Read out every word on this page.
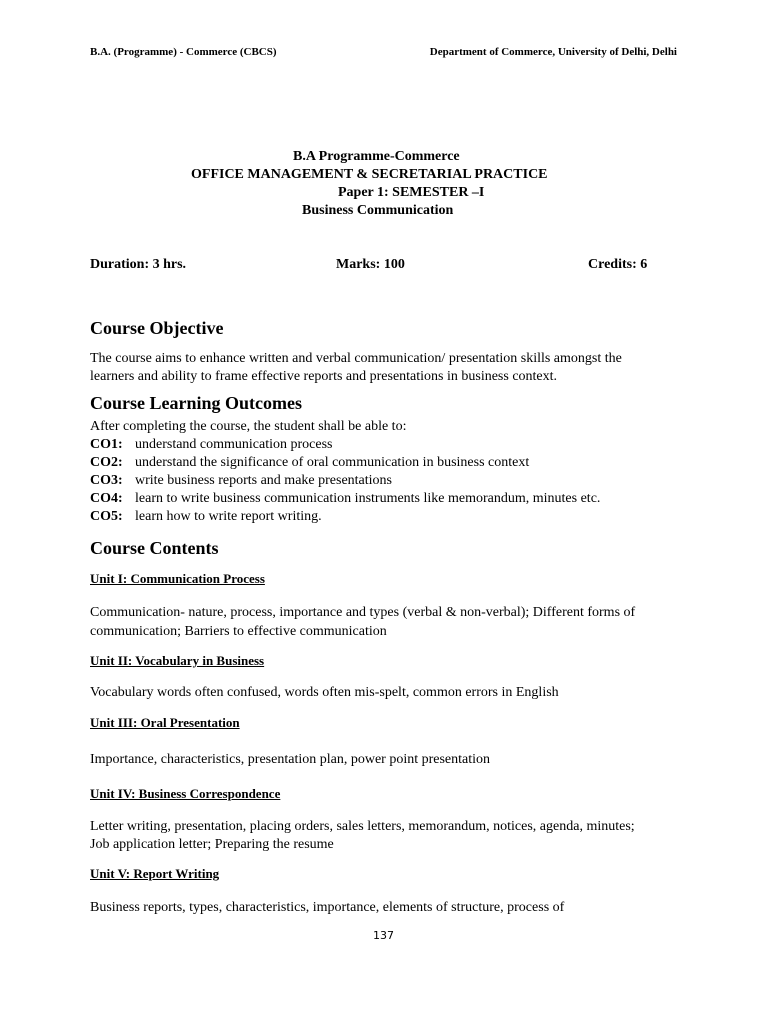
B.A. (Programme) - Commerce (CBCS)	Department of Commerce, University of Delhi, Delhi
B.A Programme-Commerce
OFFICE MANAGEMENT & SECRETARIAL PRACTICE
Paper 1: SEMESTER –I
Business Communication
Duration: 3 hrs.	Marks: 100	Credits: 6
Course Objective
The course aims to enhance written and verbal communication/ presentation skills amongst the
learners and ability to frame effective reports and presentations in business context.
Course Learning Outcomes
After completing the course, the student shall be able to:
CO1: understand communication process
CO2: understand the significance of oral communication in business context
CO3: write business reports and make presentations
CO4: learn to write business communication instruments like memorandum, minutes etc.
CO5: learn how to write report writing.
Course Contents
Unit I: Communication Process
Communication- nature, process, importance and types (verbal & non-verbal); Different forms of
communication; Barriers to effective communication
Unit II: Vocabulary in Business
Vocabulary words often confused, words often mis-spelt, common errors in English
Unit III: Oral Presentation
Importance, characteristics, presentation plan, power point presentation
Unit IV: Business Correspondence
Letter writing, presentation, placing orders, sales letters, memorandum, notices, agenda, minutes;
Job application letter; Preparing the resume
Unit V: Report Writing
Business reports, types, characteristics, importance, elements of structure, process of
137
